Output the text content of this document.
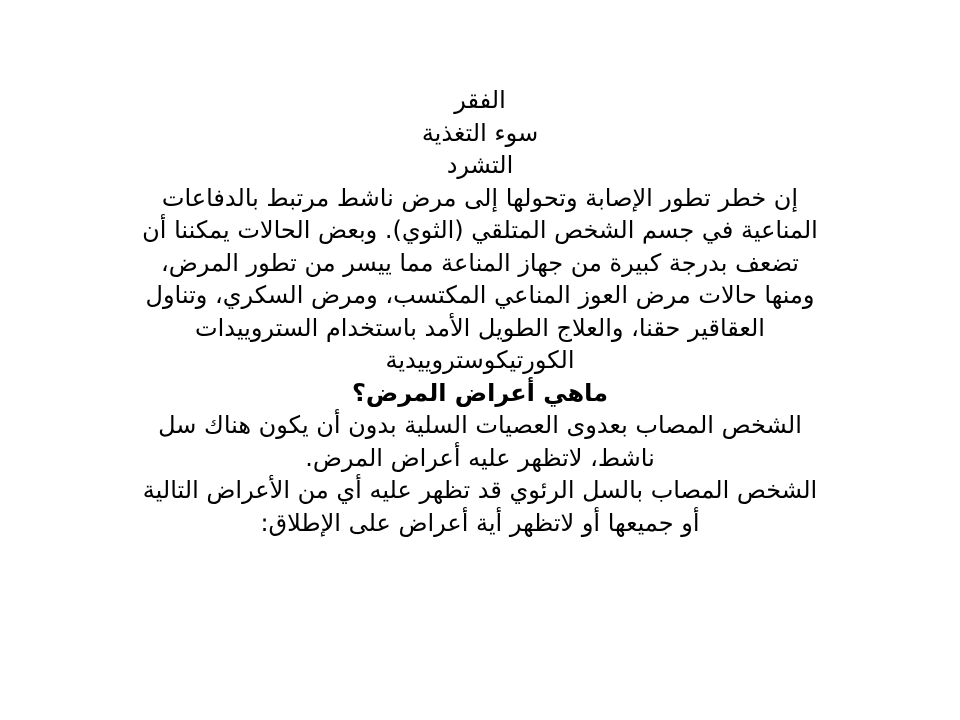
الفقر
سوء التغذية
التشرد
إن خطر تطور الإصابة وتحولها إلى مرض ناشط مرتبط بالدفاعات
المناعية في جسم الشخص المتلقي (الثوي). وبعض الحالات يمكننا أن
تضعف بدرجة كبيرة من جهاز المناعة مما ييسر من تطور المرض،
ومنها حالات مرض العوز المناعي المكتسب، ومرض السكري، وتناول
العقاقير حقنا، والعلاج الطويل الأمد باستخدام الستروييدات
الكورتيكوستروييدية
ماهي أعراض المرض؟
الشخص المصاب بعدوى العصيات السلية بدون أن يكون هناك سل
ناشط، لاتظهر عليه أعراض المرض.
الشخص المصاب بالسل الرئوي قد تظهر عليه أي من الأعراض التالية
أو جميعها أو لاتظهر أية أعراض على الإطلاق:
